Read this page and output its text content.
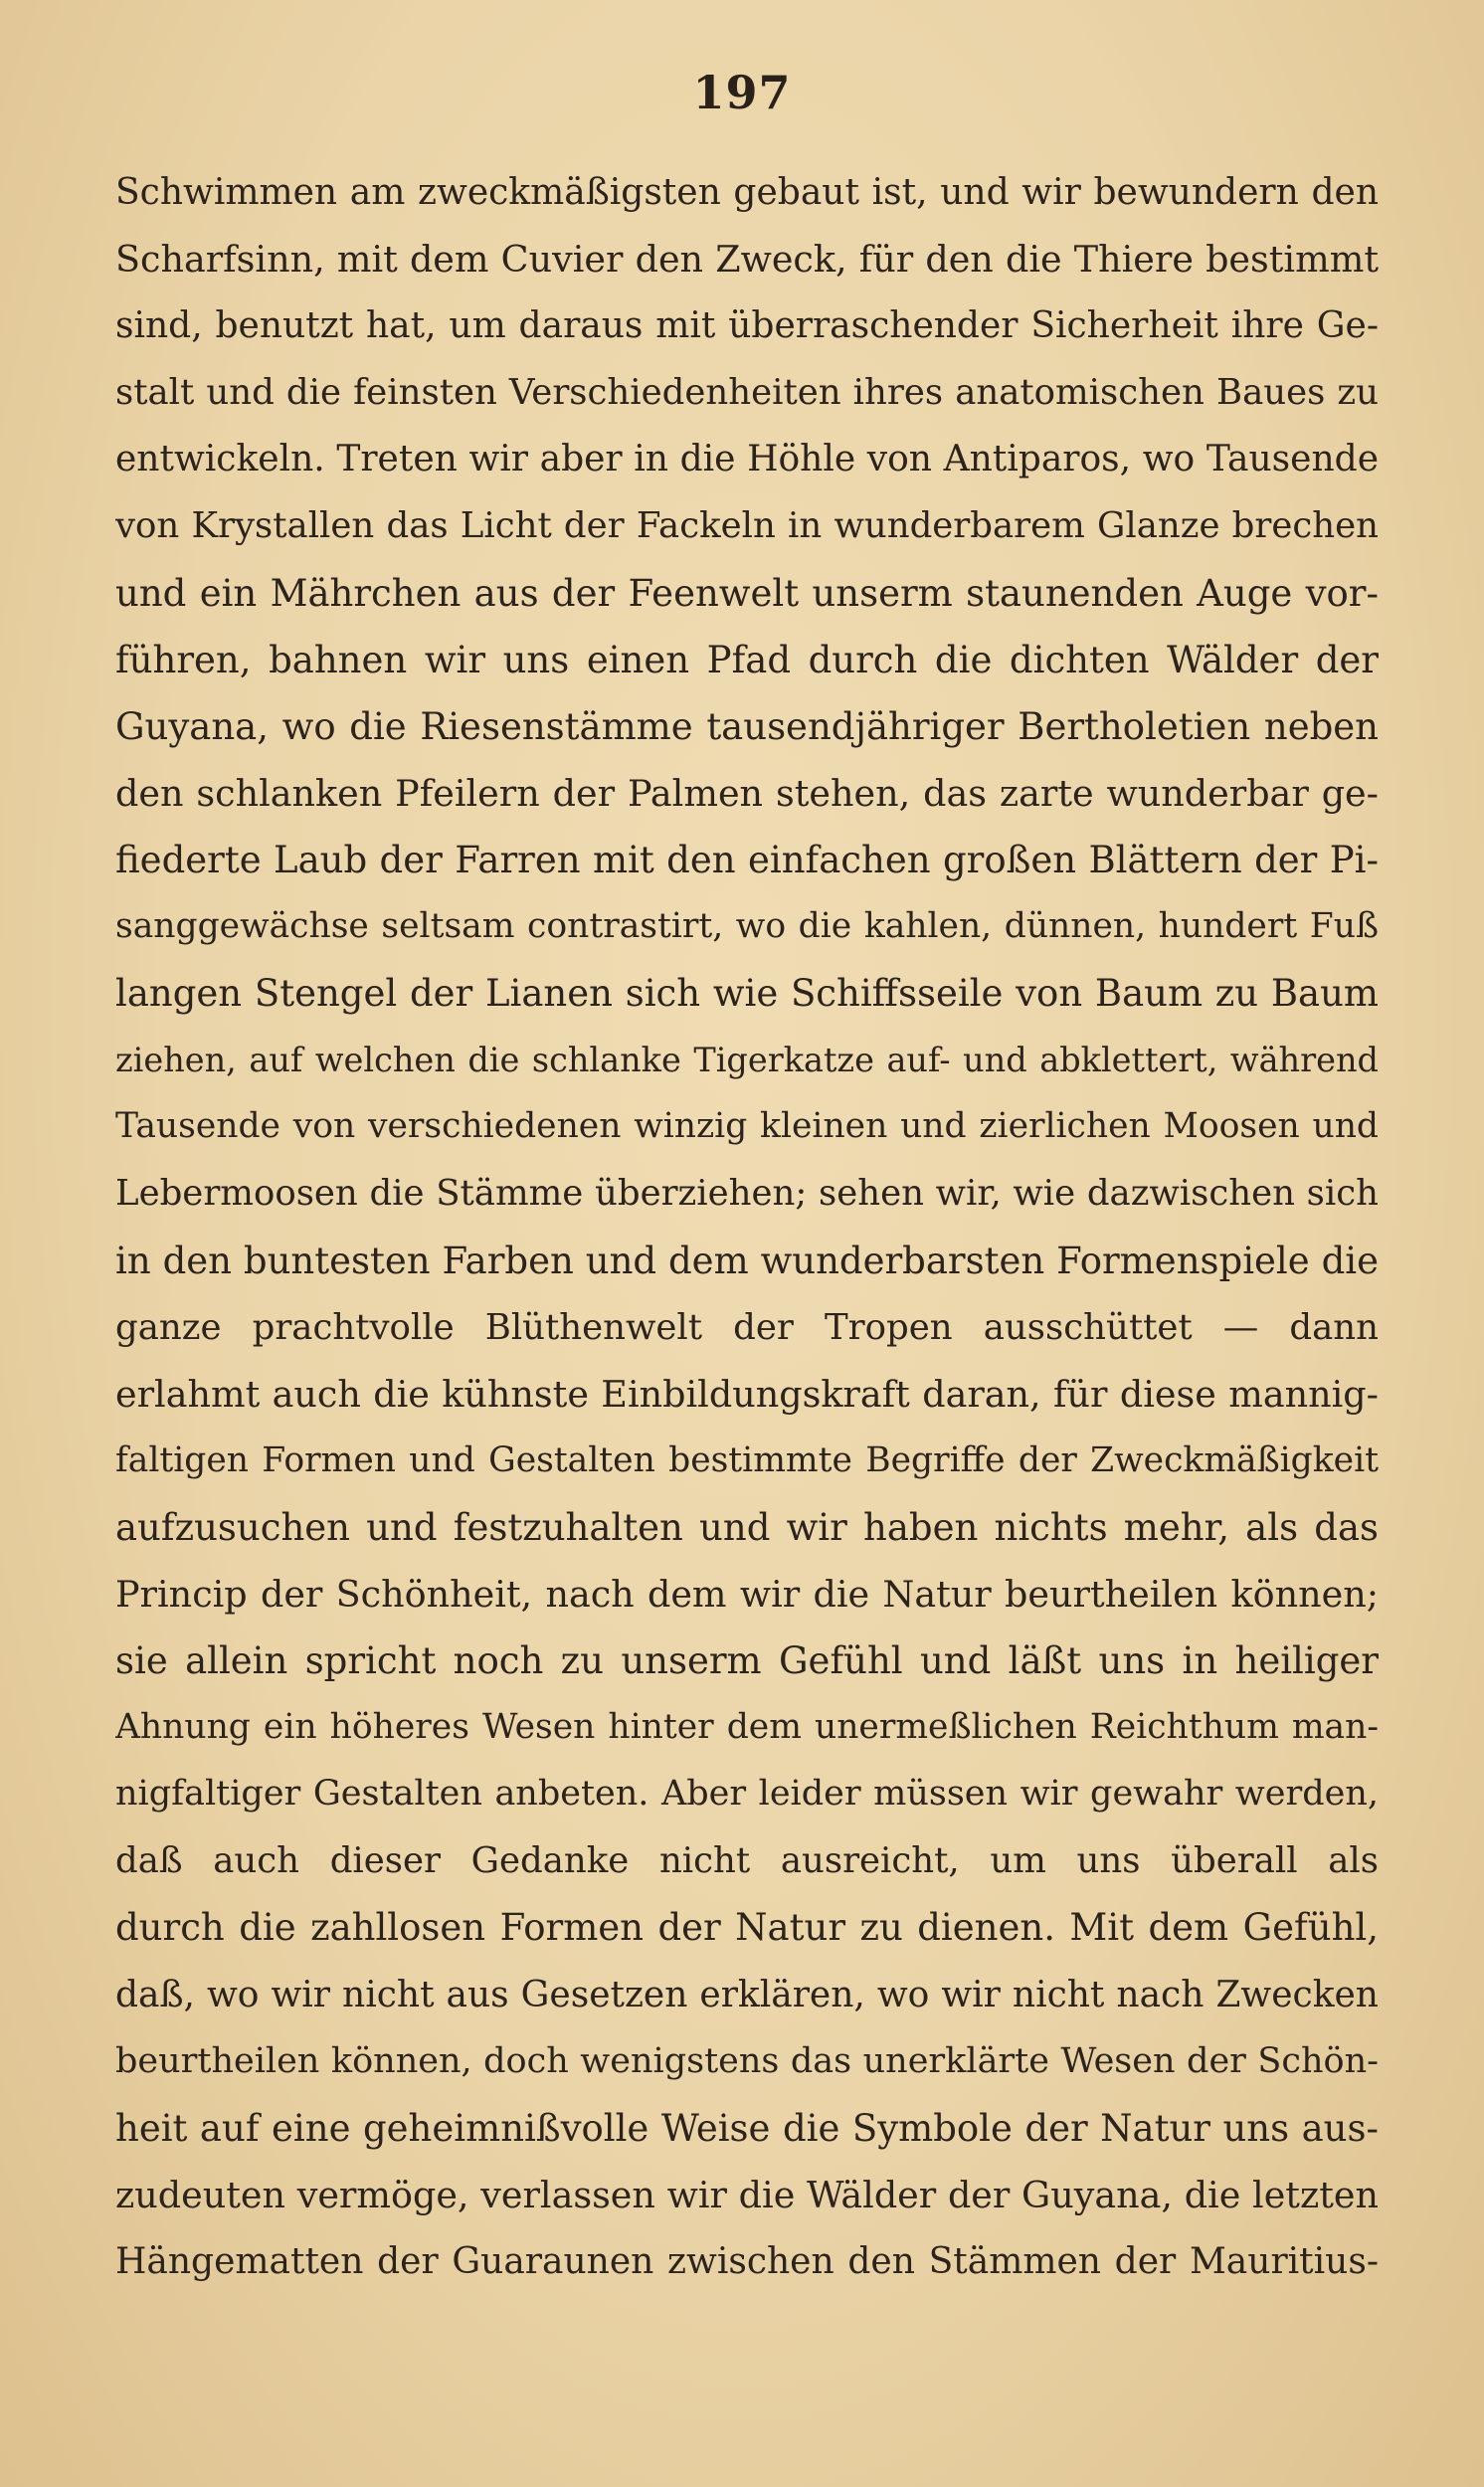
197
Schwimmen am zweckmäßigsten gebaut ist, und wir bewundern den
Scharfsinn, mit dem Cuvier den Zweck, für den die Thiere bestimmt
sind, benutzt hat, um daraus mit überraschender Sicherheit ihre Ge-
stalt und die feinsten Verschiedenheiten ihres anatomischen Baues zu
entwickeln. Treten wir aber in die Höhle von Antiparos, wo Tausende
von Krystallen das Licht der Fackeln in wunderbarem Glanze brechen
und ein Mährchen aus der Feenwelt unserm staunenden Auge vor-
führen, bahnen wir uns einen Pfad durch die dichten Wälder der
Guyana, wo die Riesenstämme tausendjähriger Bertholetien neben
den schlanken Pfeilern der Palmen stehen, das zarte wunderbar ge-
fiederte Laub der Farren mit den einfachen großen Blättern der Pi-
sanggewächse seltsam contrastirt, wo die kahlen, dünnen, hundert Fuß
langen Stengel der Lianen sich wie Schiffsseile von Baum zu Baum
ziehen, auf welchen die schlanke Tigerkatze auf- und abklettert, während
Tausende von verschiedenen winzig kleinen und zierlichen Moosen und
Lebermoosen die Stämme überziehen; sehen wir, wie dazwischen sich
in den buntesten Farben und dem wunderbarsten Formenspiele die
ganze prachtvolle Blüthenwelt der Tropen ausschüttet — dann
erlahmt auch die kühnste Einbildungskraft daran, für diese mannig-
faltigen Formen und Gestalten bestimmte Begriffe der Zweckmäßigkeit
aufzusuchen und festzuhalten und wir haben nichts mehr, als das
Princip der Schönheit, nach dem wir die Natur beurtheilen können;
sie allein spricht noch zu unserm Gefühl und läßt uns in heiliger
Ahnung ein höheres Wesen hinter dem unermeßlichen Reichthum man-
nigfaltiger Gestalten anbeten. Aber leider müssen wir gewahr werden,
daß auch dieser Gedanke nicht ausreicht, um uns überall als
durch die zahllosen Formen der Natur zu dienen. Mit dem Gefühl,
daß, wo wir nicht aus Gesetzen erklären, wo wir nicht nach Zwecken
beurtheilen können, doch wenigstens das unerklärte Wesen der Schön-
heit auf eine geheimnißvolle Weise die Symbole der Natur uns aus-
zudeuten vermöge, verlassen wir die Wälder der Guyana, die letzten
Hängematten der Guaraunen zwischen den Stämmen der Mauritius-
